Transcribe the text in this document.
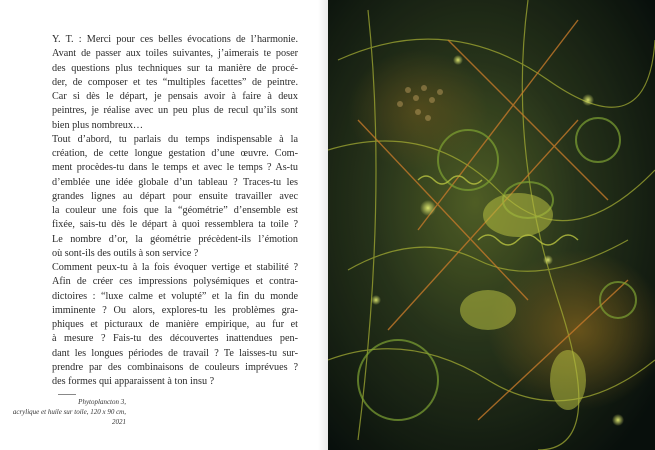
Y. T. : Merci pour ces belles évocations de l’harmonie.
Avant de passer aux toiles suivantes, j’aimerais te poser
des questions plus techniques sur ta manière de procé-
der, de composer et tes “multiples facettes” de peintre.
Car si dès le départ, je pensais avoir à faire à deux
peintres, je réalise avec un peu plus de recul qu’ils sont
bien plus nombreux…
Tout d’abord, tu parlais du temps indispensable à la
création, de cette longue gestation d’une œuvre. Com-
ment procèdes-tu dans le temps et avec le temps ? As-tu
d’emblée une idée globale d’un tableau ? Traces-tu les
grandes lignes au départ pour ensuite travailler avec
la couleur une fois que la “géométrie” d’ensemble est
fixée, sais-tu dès le départ à quoi ressemblera ta toile ?
Le nombre d’or, la géométrie précèdent-ils l’émotion
où sont-ils des outils à son service ?
Comment peux-tu à la fois évoquer vertige et stabilité ?
Afin de créer ces impressions polysémiques et contra-
dictoires : “luxe calme et volupté” et la fin du monde
imminente ? Ou alors, explores-tu les problèmes gra-
phiques et picturaux de manière empirique, au fur et
à mesure ? Fais-tu des découvertes inattendues pen-
dant les longues périodes de travail ? Te laisses-tu sur-
prendre par des combinaisons de couleurs imprévues ?
des formes qui apparaissent à ton insu ?
Phytoplancton 3,
acrylique et huile sur toile, 120 x 90 cm,
2021
